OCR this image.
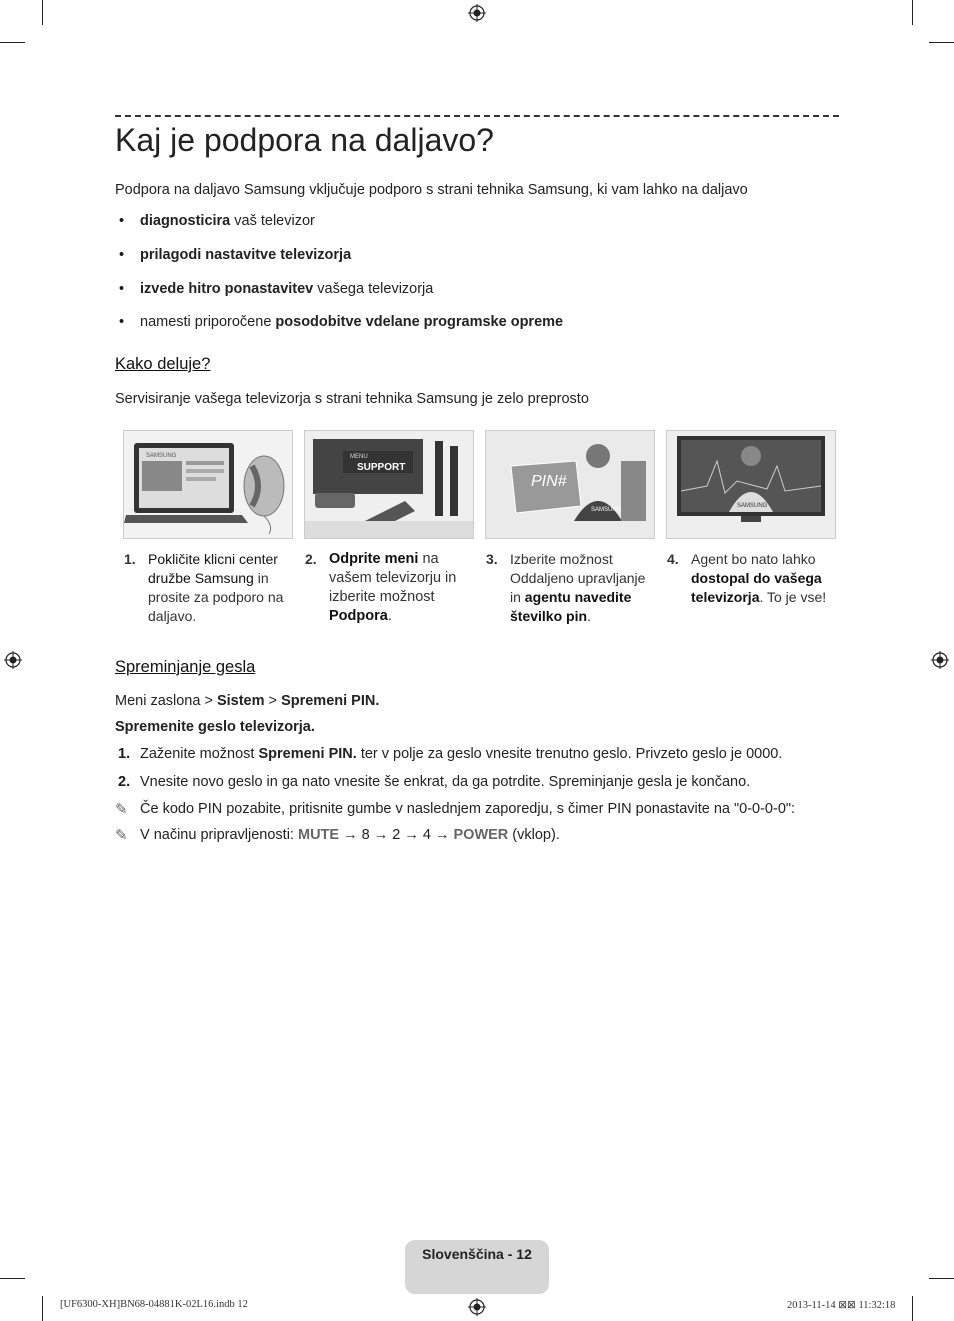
Kaj je podpora na daljavo?
Podpora na daljavo Samsung vključuje podporo s strani tehnika Samsung, ki vam lahko na daljavo
• diagnosticira vaš televizor
• prilagodi nastavitve televizorja
• izvede hitro ponastavitev vašega televizorja
• namesti priporočene posodobitve vdelane programske opreme
Kako deluje?
Servisiranje vašega televizorja s strani tehnika Samsung je zelo preprosto
SAMSUNG	MENU
SUPPORT
PIN#
SAMSUNG
SAMSUNG
1. Pokličite klicni center družbe Samsung in prosite za podporo na daljavo.
2. Odprite meni na vašem televizorju in izberite možnost Podpora.
3. Izberite možnost Oddaljeno upravljanje in agentu navedite številko pin.
4. Agent bo nato lahko dostopal do vašega televizorja. To je vse!
Spreminjanje gesla
Meni zaslona > Sistem > Spremeni PIN.
Spremenite geslo televizorja.
1. Zaženite možnost Spremeni PIN. ter v polje za geslo vnesite trenutno geslo. Privzeto geslo je 0000.
2. Vnesite novo geslo in ga nato vnesite še enkrat, da ga potrdite. Spreminjanje gesla je končano.
✎ Če kodo PIN pozabite, pritisnite gumbe v naslednjem zaporedju, s čimer PIN ponastavite na "0-0-0-0":
✎ V načinu pripravljenosti: MUTE → 8 → 2 → 4 → POWER (vklop).
Slovenščina - 12
[UF6300-XH]BN68-04881K-02L16.indb 12	2013-11-14 ⊠⊠ 11:32:18
